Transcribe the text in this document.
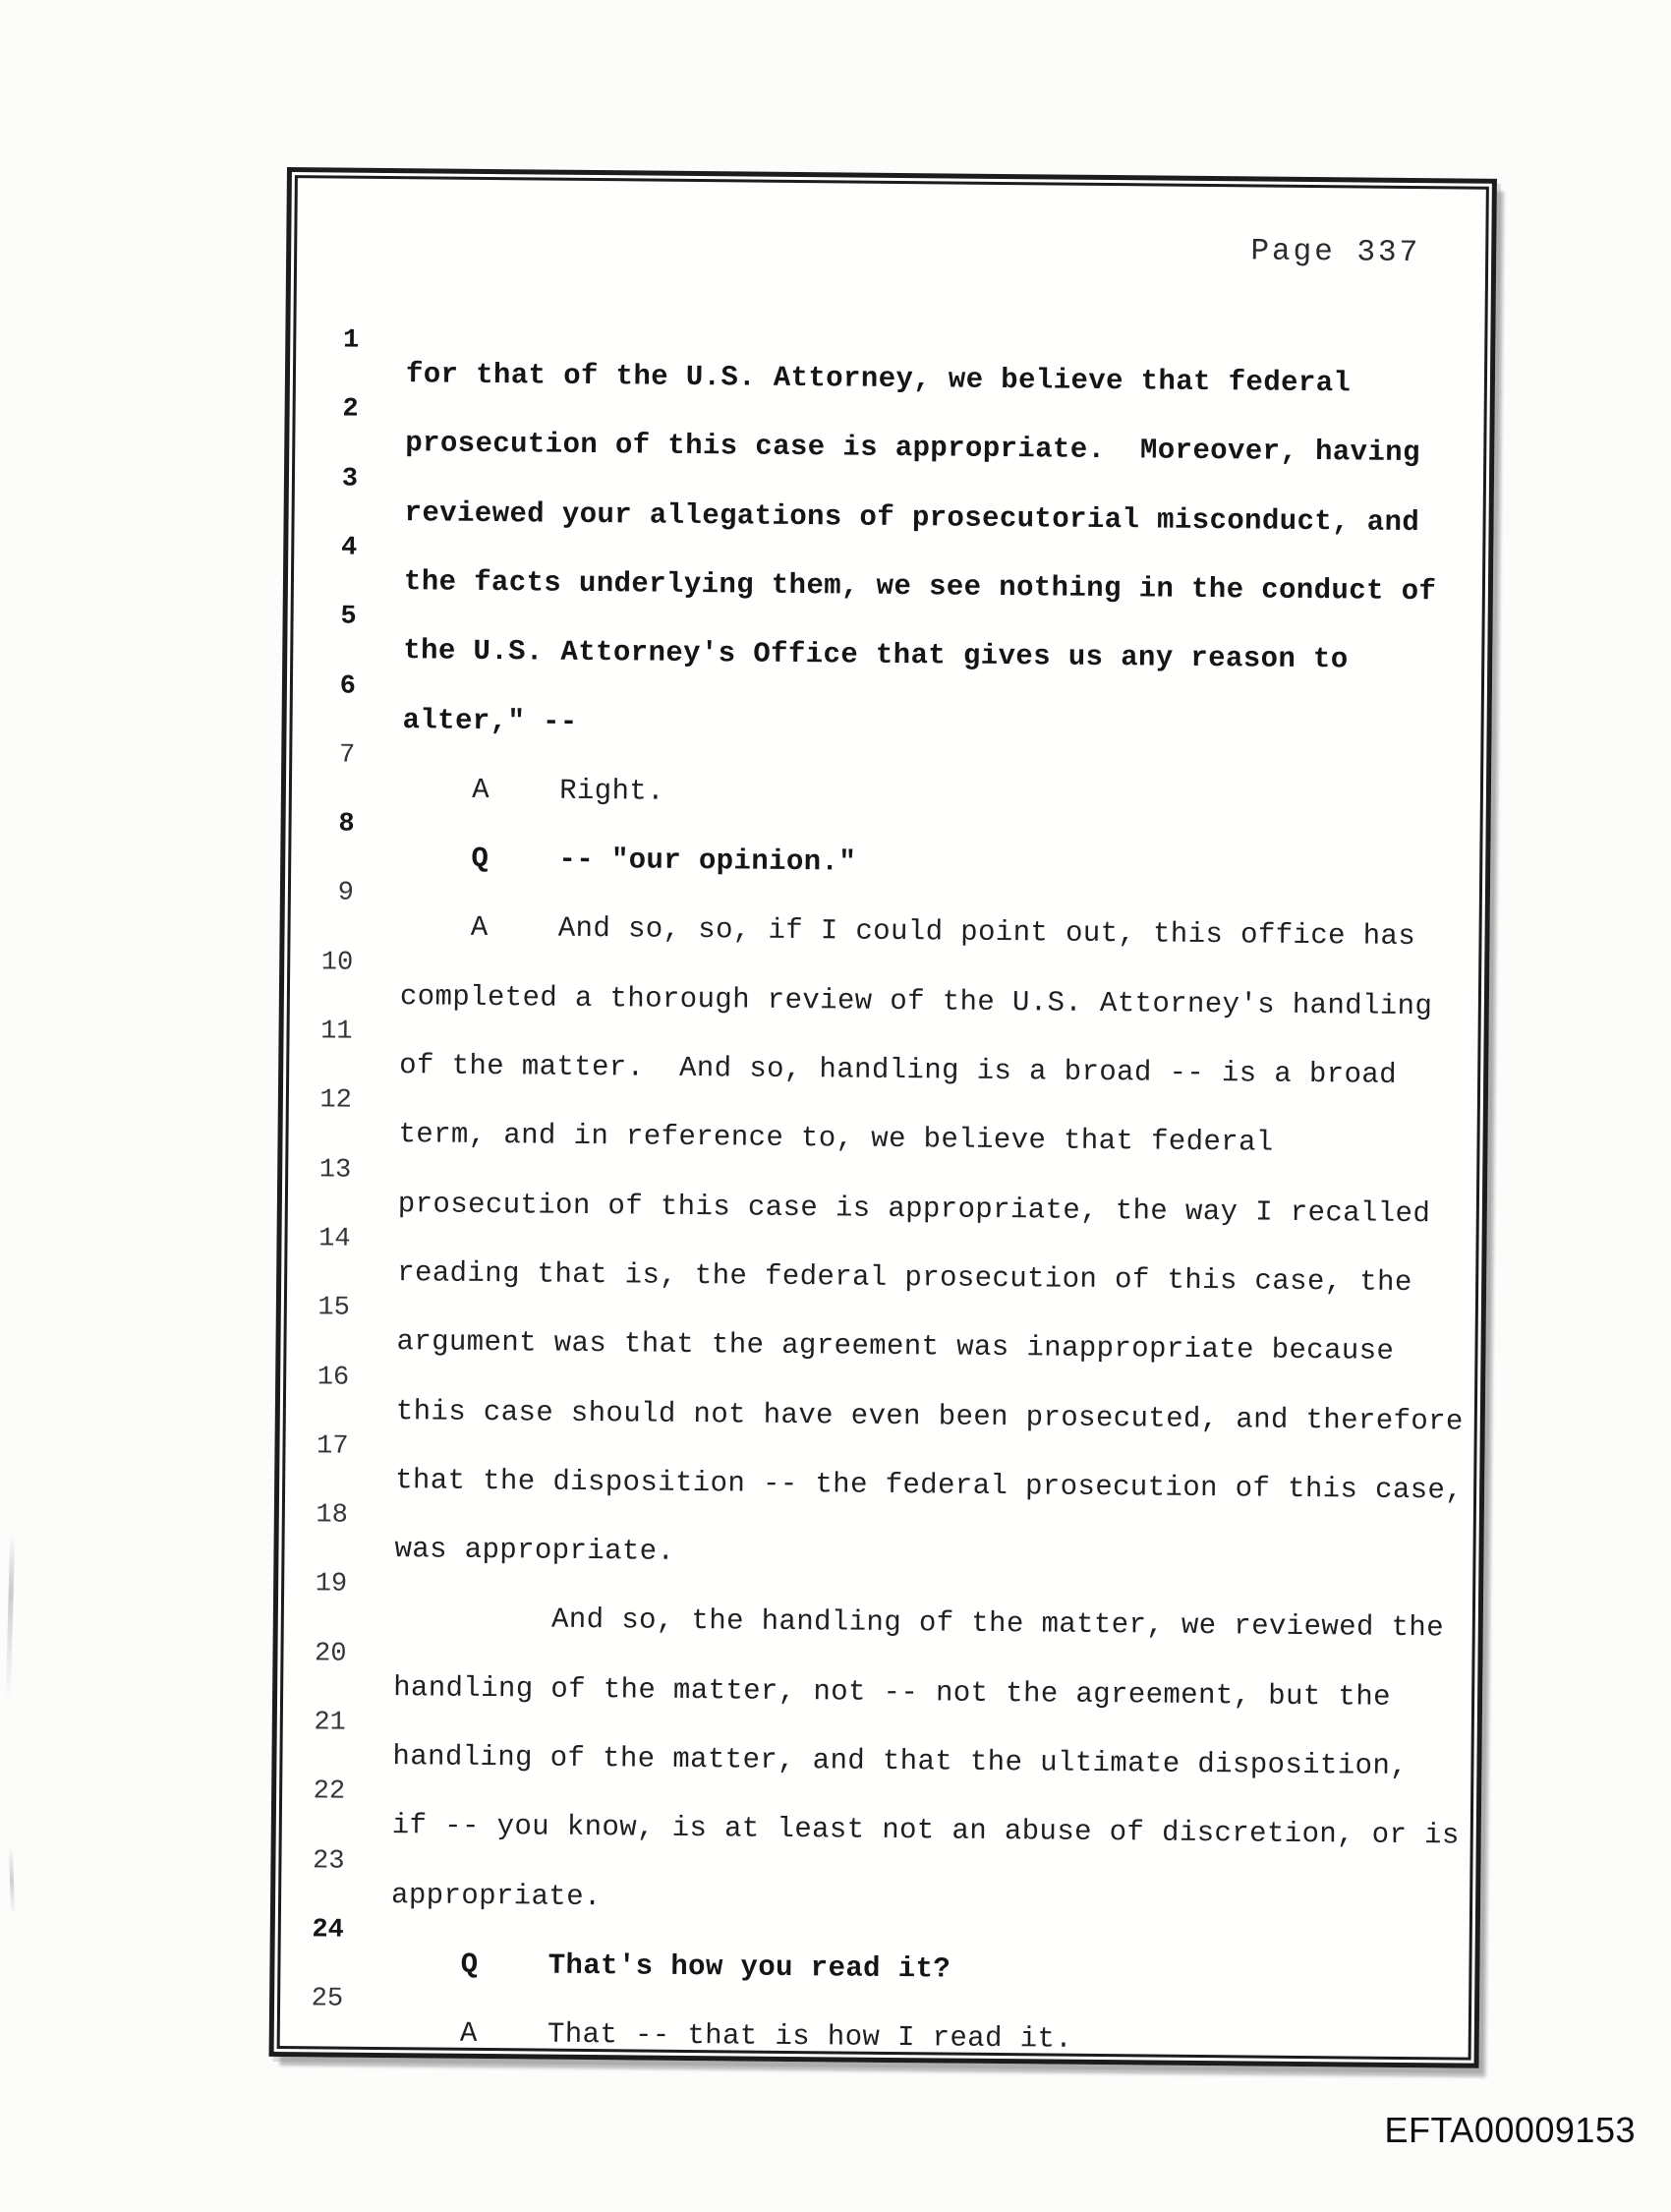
Page 337

1

for that of the U.S. Attorney, we believe that federal

2

prosecution of this case is appropriate.  Moreover, having

3

reviewed your allegations of prosecutorial misconduct, and

4

the facts underlying them, we see nothing in the conduct of

5

the U.S. Attorney's Office that gives us any reason to

6

alter," --

7

A    Right.

8

Q    -- "our opinion."

9

A    And so, so, if I could point out, this office has

10

completed a thorough review of the U.S. Attorney's handling

11

of the matter.  And so, handling is a broad -- is a broad

12

term, and in reference to, we believe that federal

13

prosecution of this case is appropriate, the way I recalled

14

reading that is, the federal prosecution of this case, the

15

argument was that the agreement was inappropriate because

16

this case should not have even been prosecuted, and therefore

17

that the disposition -- the federal prosecution of this case,

18

was appropriate.

19

And so, the handling of the matter, we reviewed the

20

handling of the matter, not -- not the agreement, but the

21

handling of the matter, and that the ultimate disposition,

22

if -- you know, is at least not an abuse of discretion, or is

23

appropriate.

24

Q    That's how you read it?

25

A    That -- that is how I read it.

EFTA00009153
